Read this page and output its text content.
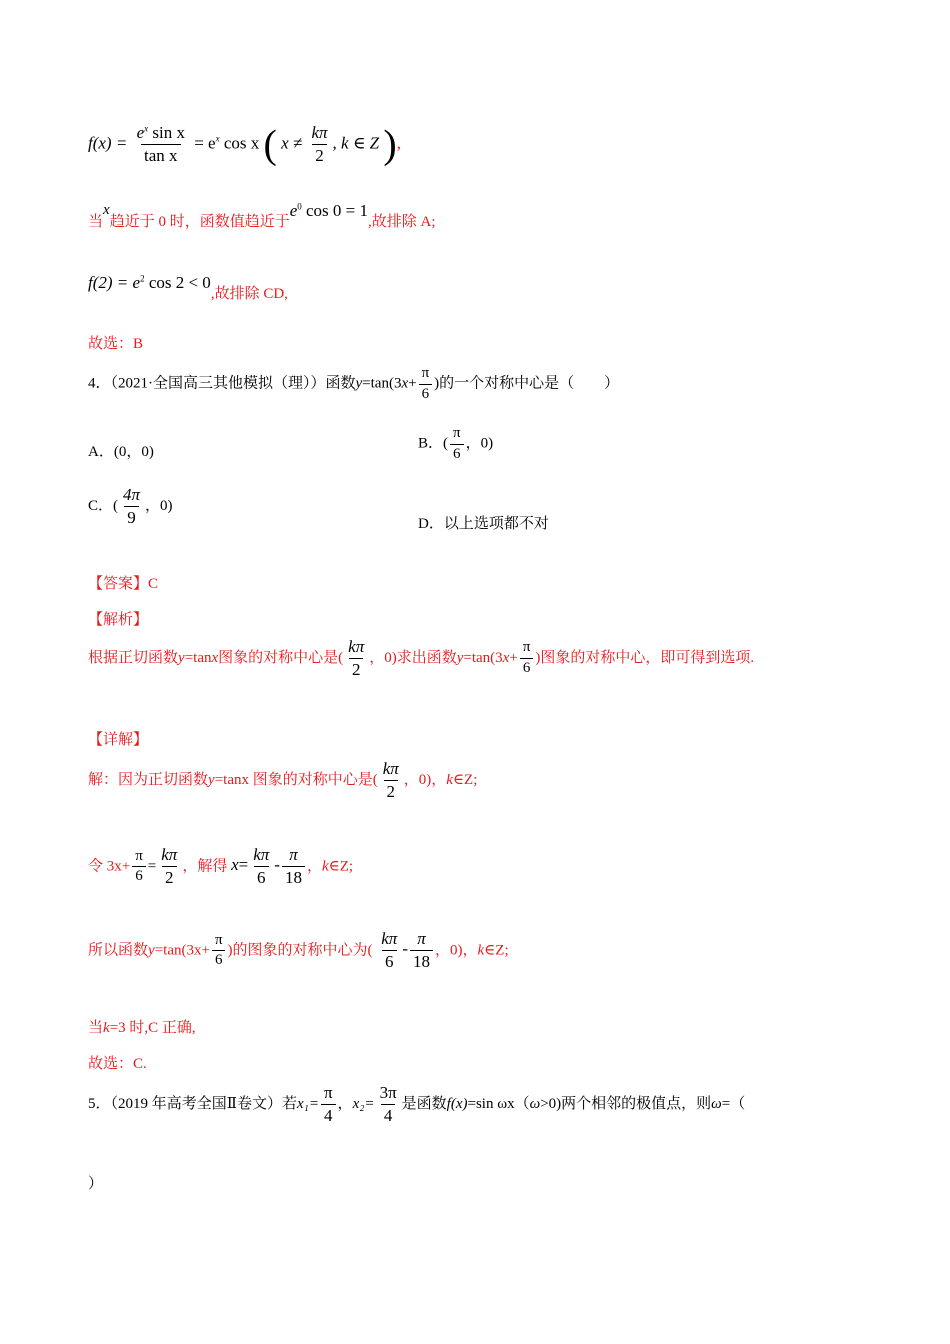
$f(x) = \frac{e^x \sin x}{\text{tan x}} = e^x$ cos x ( $x \ne \frac{k\pi}{2}$ , k ∈ Z ),
当x趋近于 0 时，函数值趋近于$e^0$ cos 0 = 1,故排除 A;
$f(2) = e^2$ cos 2 < 0,故排除 CD,
故选：B
4．（2021·全国高三其他模拟（理））函数$y=\tan(3x+ \frac{\pi}{6}$ )的一个对称中心是（　　）
A．(0，0)
B．( $\frac{\pi}{6}$ ，0)
C．( $\frac{4\pi}{9}$ ，0)
D．以上选项都不对
【答案】C
【解析】
根据正切函数y=tanx图象的对称中心是( $\frac{k\pi}{2}$ ，0)求出函数$y=\tan(3x+ \frac{\pi}{6}$ )图象的对称中心，即可得到选项.
【详解】
解：因为正切函数y=tanx 图象的对称中心是( $\frac{k\pi}{2}$ ，0)，k∈Z;
令 $3x+ \frac{\pi}{6} = \frac{k\pi}{2}$ ，解得 $x= \frac{k\pi}{6} - \frac{\pi}{18}$ ，k∈Z;
所以函数$y=\tan(3x+ \frac{\pi}{6}$ )的图象的对称中心为( $\frac{k\pi}{6} - \frac{\pi}{18}$ ，0)，k∈Z;
当k=3 时,C 正确,
故选：C.
5．（2019 年高考全国Ⅱ卷文）若$x_1= \frac{\pi}{4}$ ，$x_2= \frac{3\pi}{4}$ 是函数f(x)=sin ωx（ω>0)两个相邻的极值点，则ω=（
）
